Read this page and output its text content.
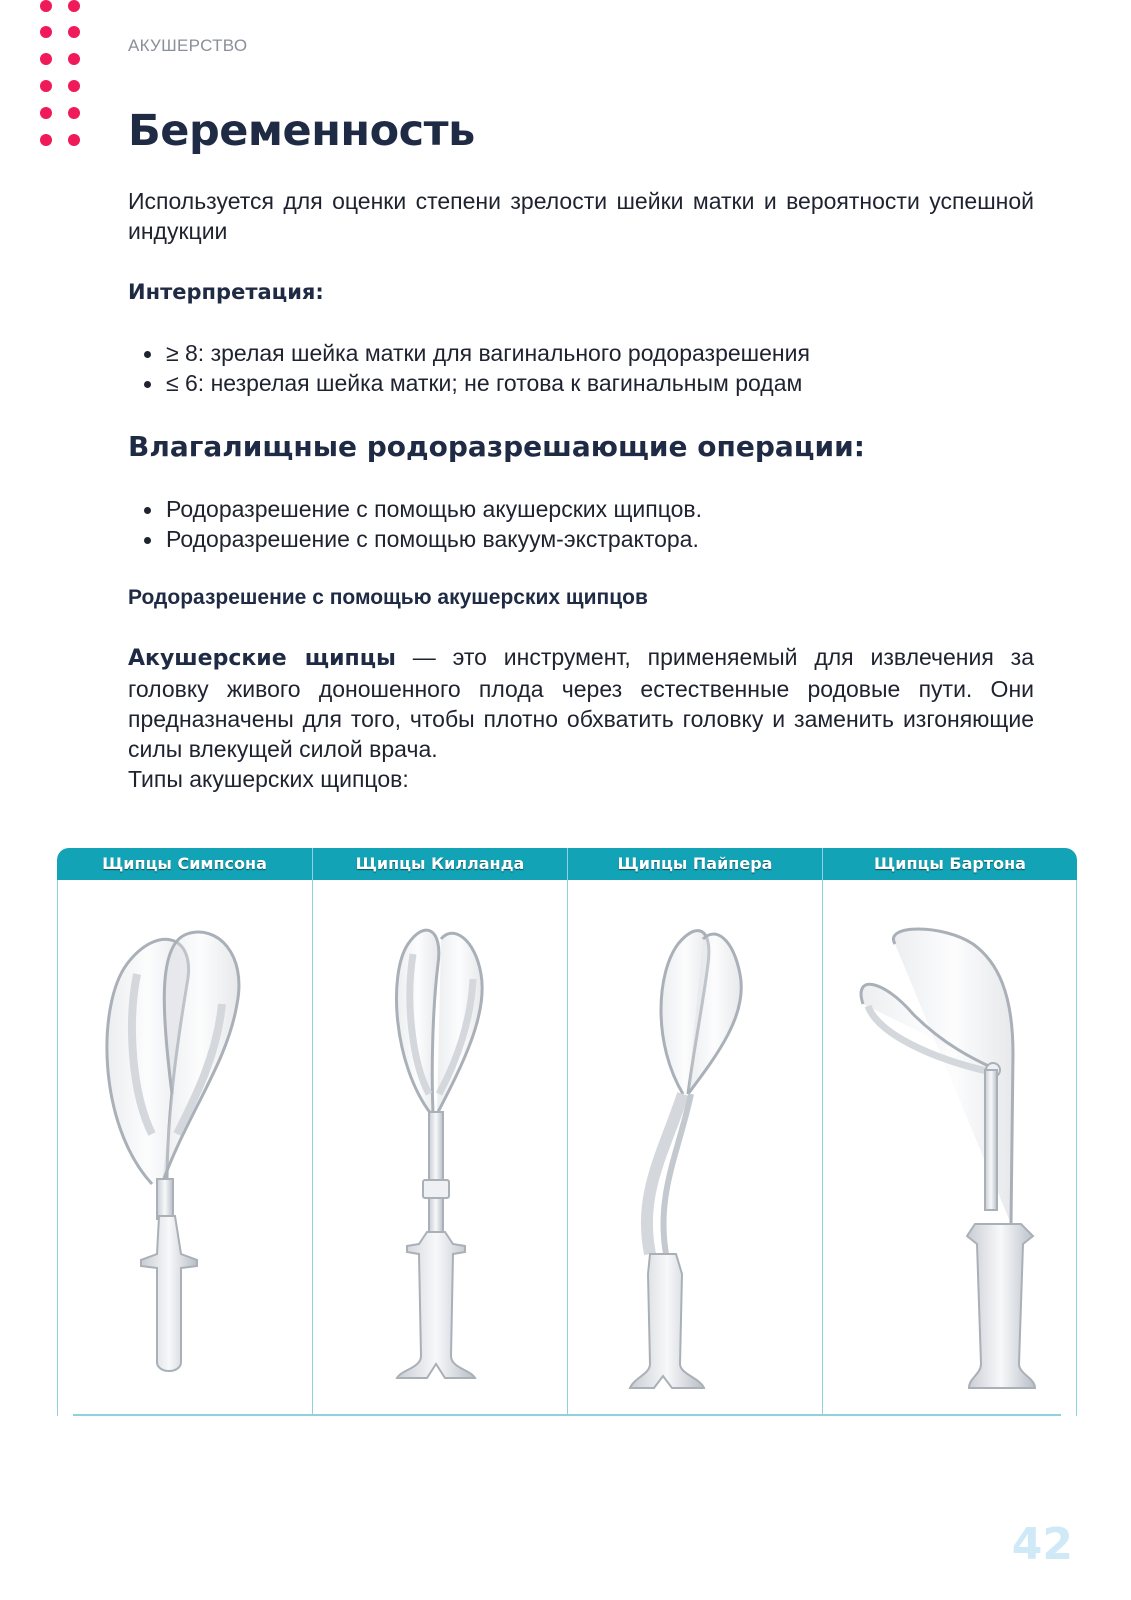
АКУШЕРСТВО
Беременность

Используется для оценки степени зрелости шейки матки и вероятности успешной индукции

Интерпретация:
• ≥ 8: зрелая шейка матки для вагинального родоразрешения
• ≤ 6: незрелая шейка матки; не готова к вагинальным родам
Влагалищные родоразрешающие операции:
• Родоразрешение с помощью акушерских щипцов.
• Родоразрешение с помощью вакуум-экстрактора.
Родоразрешение с помощью акушерских щипцов

Акушерские щипцы — это инструмент, применяемый для извлечения за головку живого доношенного плода через естественные родовые пути. Они предназначены для того, чтобы плотно обхватить головку и заменить изгоняющие силы влекущей силой врача.

Типы акушерских щипцов:

Щипцы Симпсона	Щипцы Килланда	Щипцы Пайпера	Щипцы Бартона
42
